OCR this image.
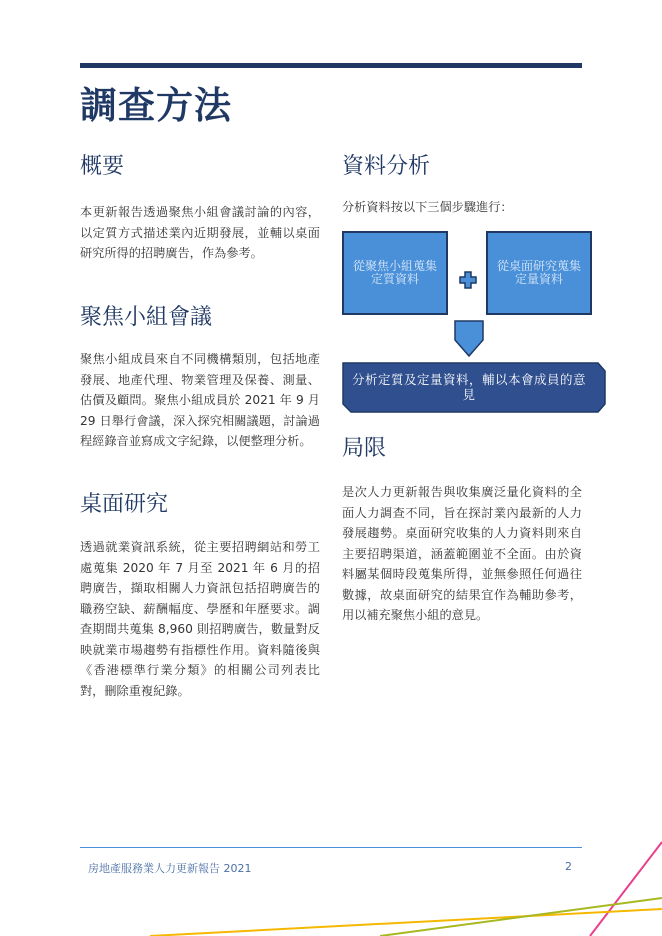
調查方法
概要

本更新報告透過聚焦小組會議討論的內容，以定質方式描述業內近期發展，並輔以桌面研究所得的招聘廣告，作為參考。

聚焦小組會議

聚焦小組成員來自不同機構類別，包括地產發展、地產代理、物業管理及保養、測量、估價及顧問。聚焦小組成員於 2021 年 9 月 29 日舉行會議，深入探究相關議題，討論過程經錄音並寫成文字紀錄，以便整理分析。

桌面研究

透過就業資訊系統，從主要招聘網站和勞工處蒐集 2020 年 7 月至 2021 年 6 月的招聘廣告，擷取相關人力資訊包括招聘廣告的職務空缺、薪酬幅度、學歷和年歷要求。調查期間共蒐集 8,960 則招聘廣告，數量對反映就業市場趨勢有指標性作用。資料隨後與《香港標準行業分類》的相關公司列表比對，刪除重複紀錄。

資料分析

分析資料按以下三個步驟進行：

從聚焦小組蒐集定質資料
從桌面研究蒐集定量資料
分析定質及定量資料，輔以本會成員的意見
局限

是次人力更新報告與收集廣泛量化資料的全面人力調查不同，旨在探討業內最新的人力發展趨勢。桌面研究收集的人力資料則來自主要招聘渠道，涵蓋範圍並不全面。由於資料屬某個時段蒐集所得，並無參照任何過往數據，故桌面研究的結果宜作為輔助參考，用以補充聚焦小組的意見。

房地產服務業人力更新報告 2021	2
